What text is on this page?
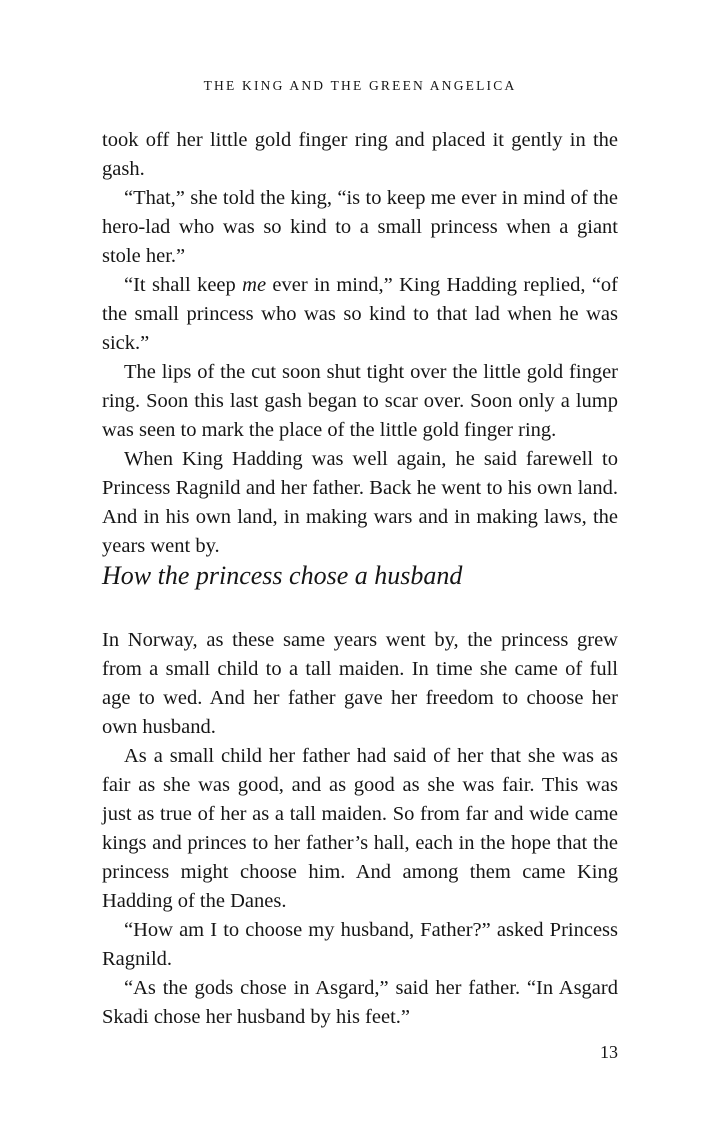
THE KING AND THE GREEN ANGELICA

took off her little gold finger ring and placed it gently in the gash.

“That,” she told the king, “is to keep me ever in mind of the hero-lad who was so kind to a small princess when a giant stole her.”

“It shall keep me ever in mind,” King Hadding replied, “of the small princess who was so kind to that lad when he was sick.”

The lips of the cut soon shut tight over the little gold finger ring. Soon this last gash began to scar over. Soon only a lump was seen to mark the place of the little gold finger ring.

When King Hadding was well again, he said farewell to Princess Ragnild and her father. Back he went to his own land. And in his own land, in making wars and in making laws, the years went by.

How the princess chose a husband

In Norway, as these same years went by, the princess grew from a small child to a tall maiden. In time she came of full age to wed. And her father gave her freedom to choose her own husband.

As a small child her father had said of her that she was as fair as she was good, and as good as she was fair. This was just as true of her as a tall maiden. So from far and wide came kings and princes to her father’s hall, each in the hope that the princess might choose him. And among them came King Hadding of the Danes.

“How am I to choose my husband, Father?” asked Princess Ragnild.

“As the gods chose in Asgard,” said her father. “In Asgard Skadi chose her husband by his feet.”

13
